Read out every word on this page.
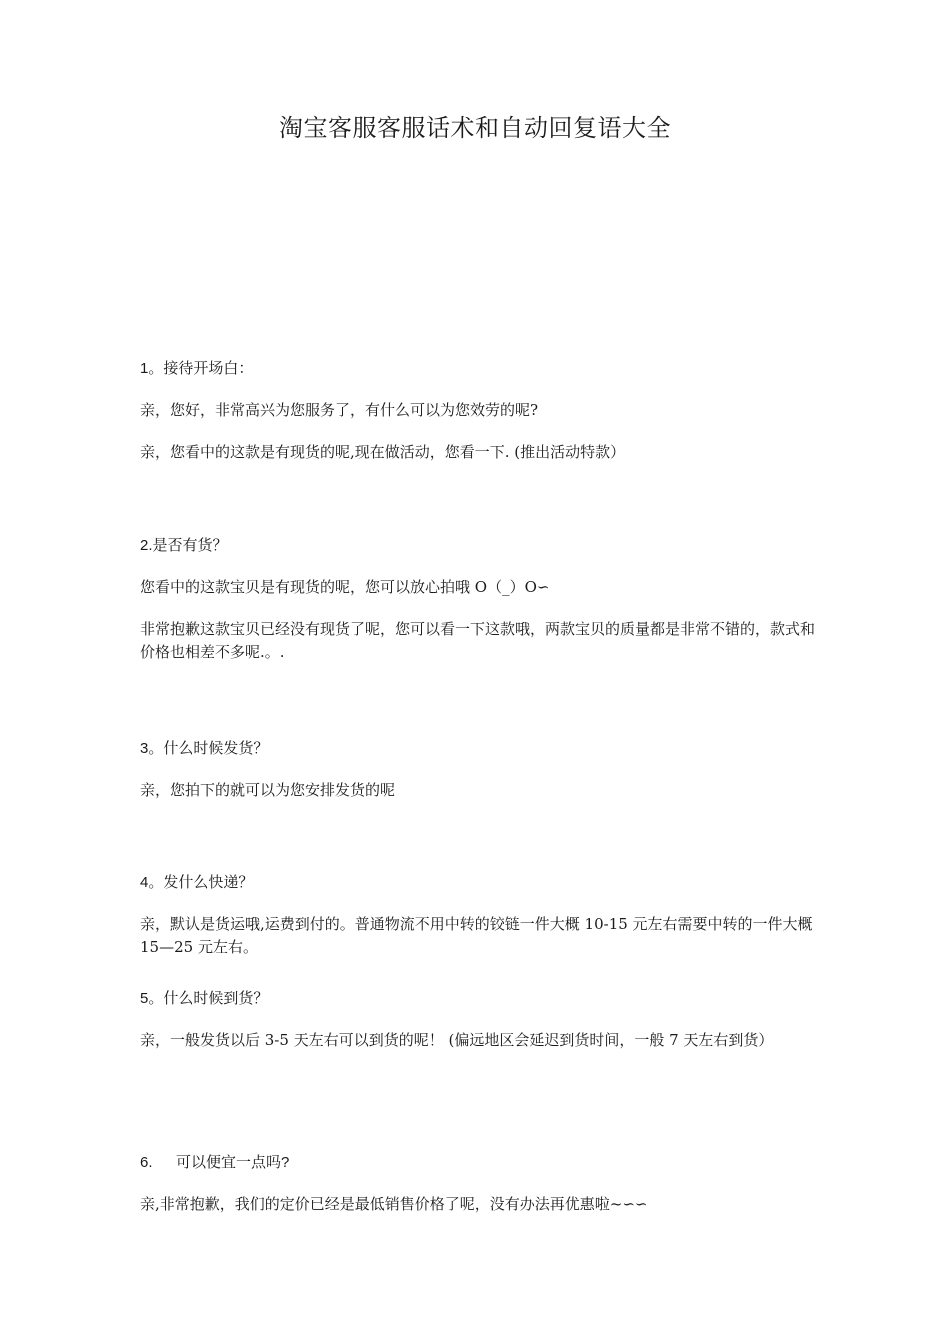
淘宝客服客服话术和自动回复语大全

1。接待开场白：

亲，您好，非常高兴为您服务了，有什么可以为您效劳的呢?

亲，您看中的这款是有现货的呢,现在做活动，您看一下. (推出活动特款）

2.是否有货？

您看中的这款宝贝是有现货的呢，您可以放心拍哦 O（_）O∽

非常抱歉这款宝贝已经没有现货了呢，您可以看一下这款哦，两款宝贝的质量都是非常不错的，款式和价格也相差不多呢.。.

3。什么时候发货？

亲，您拍下的就可以为您安排发货的呢

4。发什么快递？

亲，默认是货运哦,运费到付的。普通物流不用中转的铰链一件大概 10-15 元左右需要中转的一件大概 15—25 元左右。

5。什么时候到货？

亲，一般发货以后 3-5 天左右可以到货的呢！ (偏远地区会延迟到货时间，一般 7 天左右到货）

6. 可以便宜一点吗?

亲,非常抱歉，我们的定价已经是最低销售价格了呢，没有办法再优惠啦~∽∽
